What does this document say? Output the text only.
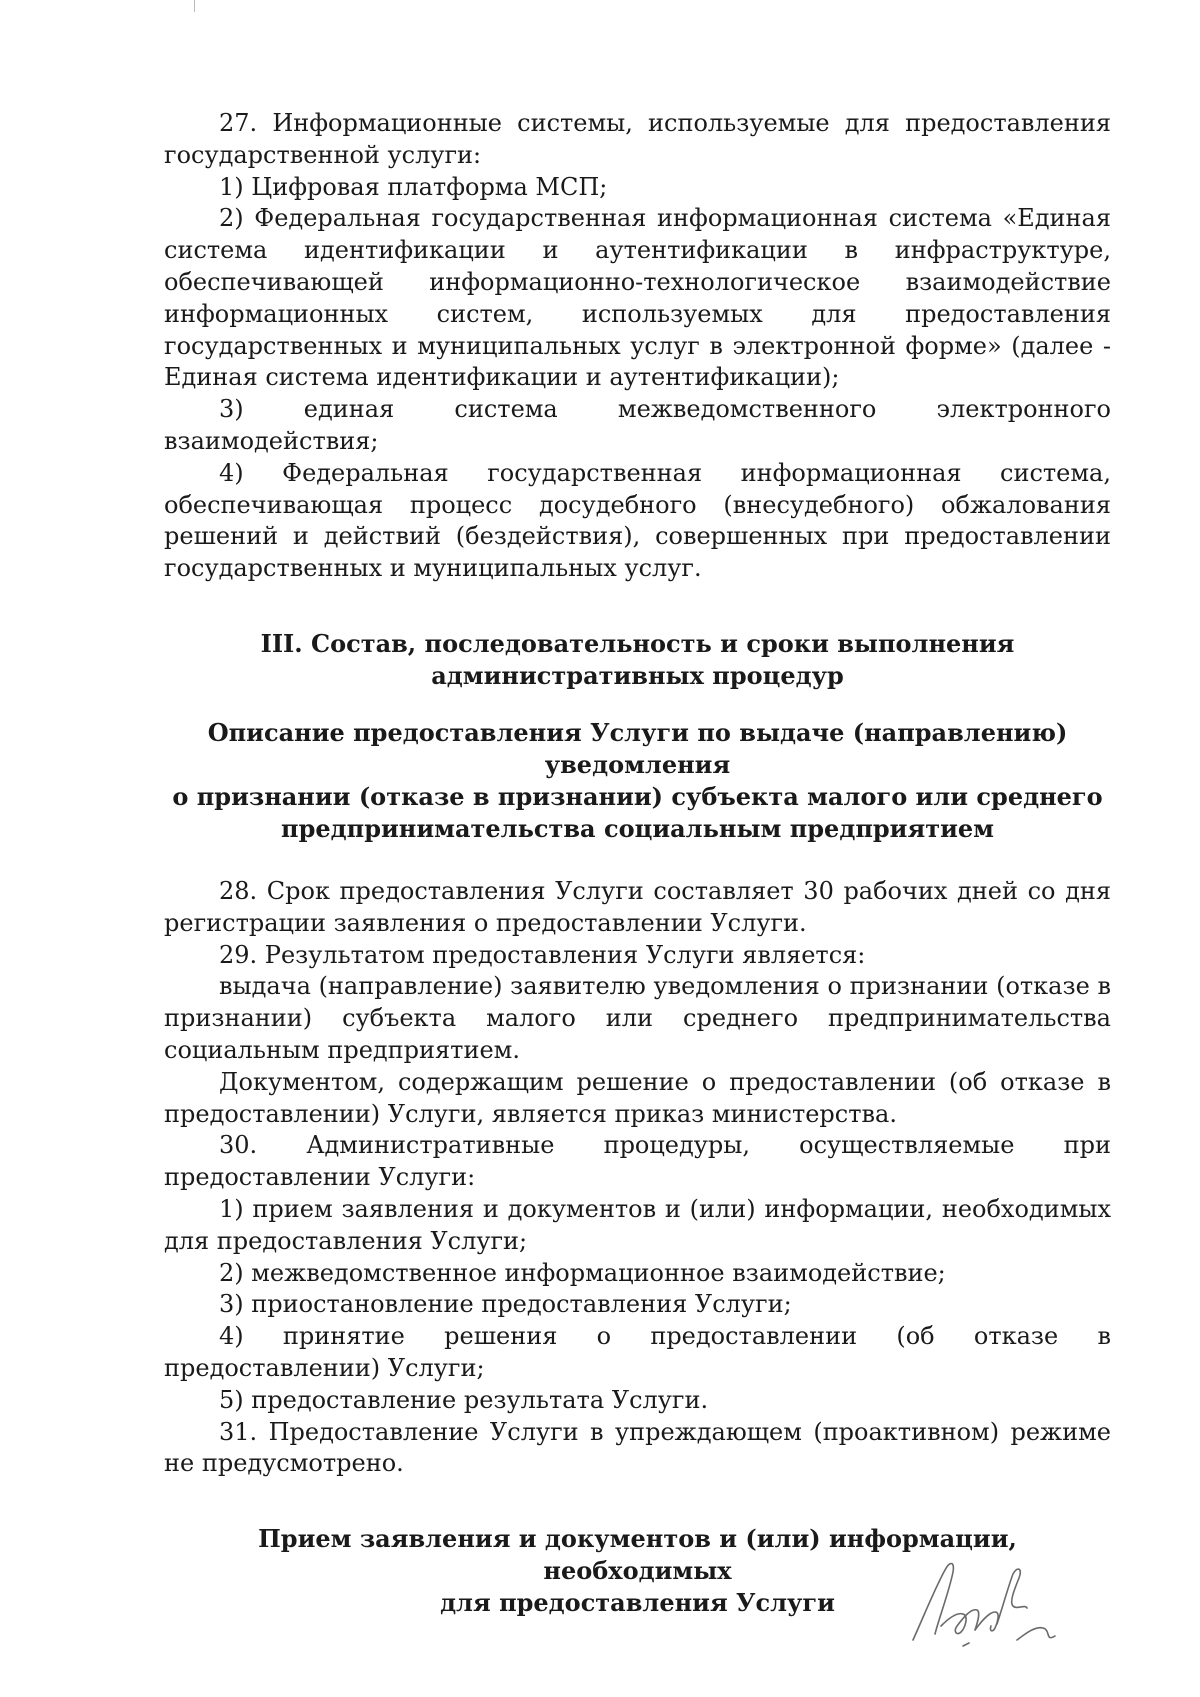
27. Информационные системы, используемые для предоставления государственной услуги:

1) Цифровая платформа МСП;

2) Федеральная государственная информационная система «Единая система идентификации и аутентификации в инфраструктуре, обеспечивающей информационно-технологическое взаимодействие информационных систем, используемых для предоставления государственных и муниципальных услуг в электронной форме» (далее - Единая система идентификации и аутентификации);

3) единая система межведомственного электронного взаимодействия;

4) Федеральная государственная информационная система, обеспечивающая процесс досудебного (внесудебного) обжалования решений и действий (бездействия), совершенных при предоставлении государственных и муниципальных услуг.

III. Состав, последовательность и сроки выполнения
административных процедур
Описание предоставления Услуги по выдаче (направлению) уведомления
о признании (отказе в признании) субъекта малого или среднего
предпринимательства социальным предприятием

28. Срок предоставления Услуги составляет 30 рабочих дней со дня регистрации заявления о предоставлении Услуги.

29. Результатом предоставления Услуги является:

выдача (направление) заявителю уведомления о признании (отказе в признании) субъекта малого или среднего предпринимательства социальным предприятием.

Документом, содержащим решение о предоставлении (об отказе в предоставлении) Услуги, является приказ министерства.

30. Административные процедуры, осуществляемые при предоставлении Услуги:

1) прием заявления и документов и (или) информации, необходимых для предоставления Услуги;

2) межведомственное информационное взаимодействие;

3) приостановление предоставления Услуги;

4) принятие решения о предоставлении (об отказе в предоставлении) Услуги;

5) предоставление результата Услуги.

31. Предоставление Услуги в упреждающем (проактивном) режиме не предусмотрено.

Прием заявления и документов и (или) информации, необходимых
для предоставления Услуги
